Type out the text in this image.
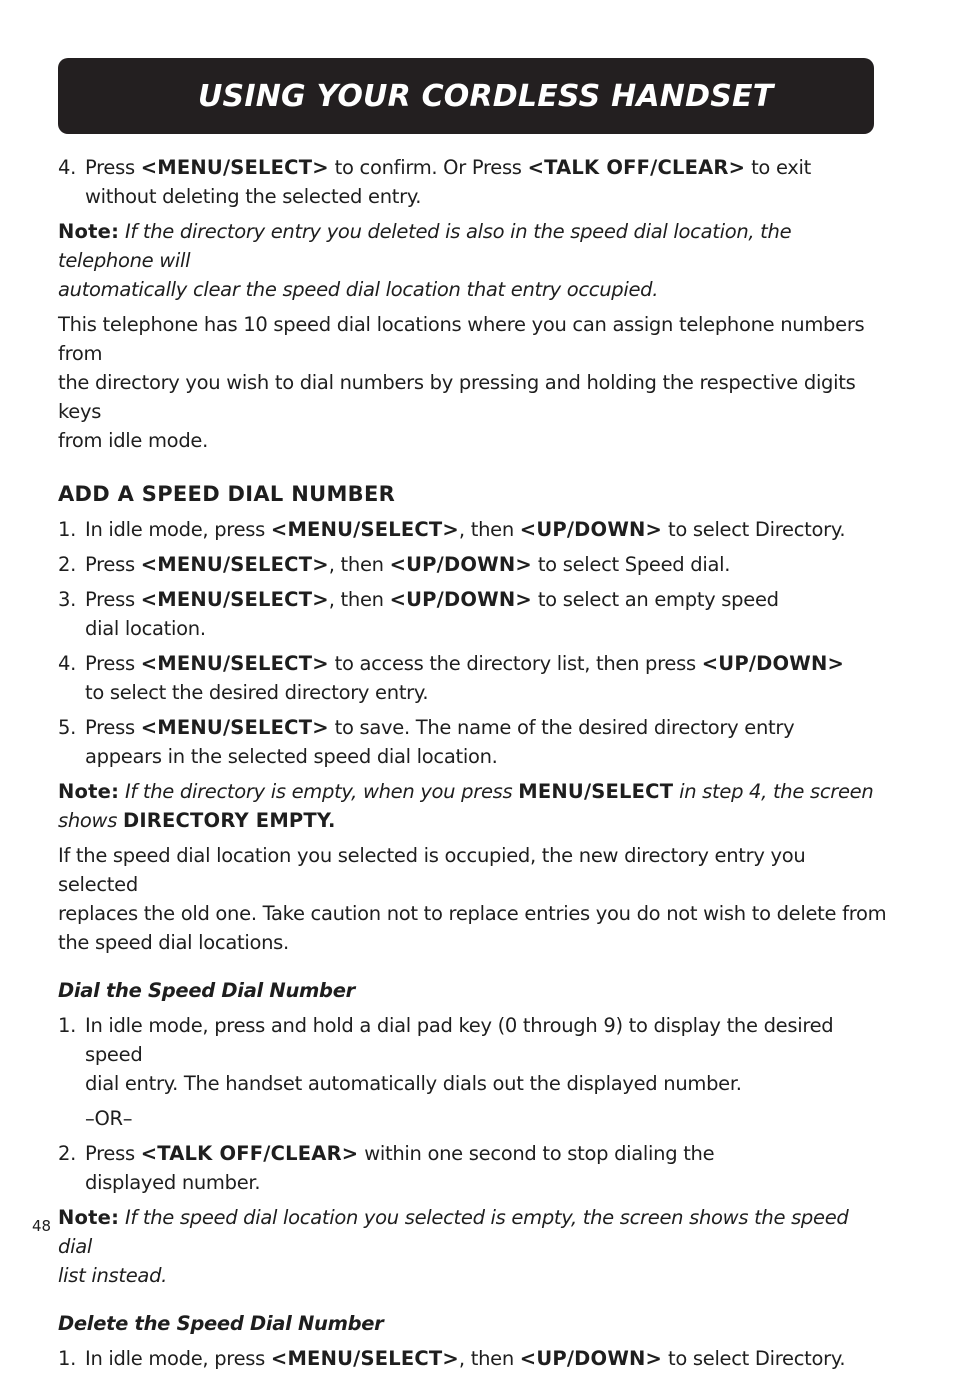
USING YOUR CORDLESS HANDSET
4. Press <MENU/SELECT> to confirm. Or Press <TALK OFF/CLEAR> to exit
without deleting the selected entry.

Note: If the directory entry you deleted is also in the speed dial location, the telephone will
automatically clear the speed dial location that entry occupied.

This telephone has 10 speed dial locations where you can assign telephone numbers from
the directory you wish to dial numbers by pressing and holding the respective digits keys
from idle mode.

ADD A SPEED DIAL NUMBER
1. In idle mode, press <MENU/SELECT>, then <UP/DOWN> to select Directory.
2. Press <MENU/SELECT>, then <UP/DOWN> to select Speed dial.
3. Press <MENU/SELECT>, then <UP/DOWN> to select an empty speed
dial location.
4. Press <MENU/SELECT> to access the directory list, then press <UP/DOWN>
to select the desired directory entry.
5. Press <MENU/SELECT> to save. The name of the desired directory entry
appears in the selected speed dial location.

Note: If the directory is empty, when you press MENU/SELECT in step 4, the screen
shows DIRECTORY EMPTY.

If the speed dial location you selected is occupied, the new directory entry you selected
replaces the old one. Take caution not to replace entries you do not wish to delete from
the speed dial locations.

Dial the Speed Dial Number
1. In idle mode, press and hold a dial pad key (0 through 9) to display the desired speed
dial entry. The handset automatically dials out the displayed number.
–OR–
2. Press <TALK OFF/CLEAR> within one second to stop dialing the
displayed number.

Note: If the speed dial location you selected is empty, the screen shows the speed dial
list instead.

Delete the Speed Dial Number
1. In idle mode, press <MENU/SELECT>, then <UP/DOWN> to select Directory.
48
